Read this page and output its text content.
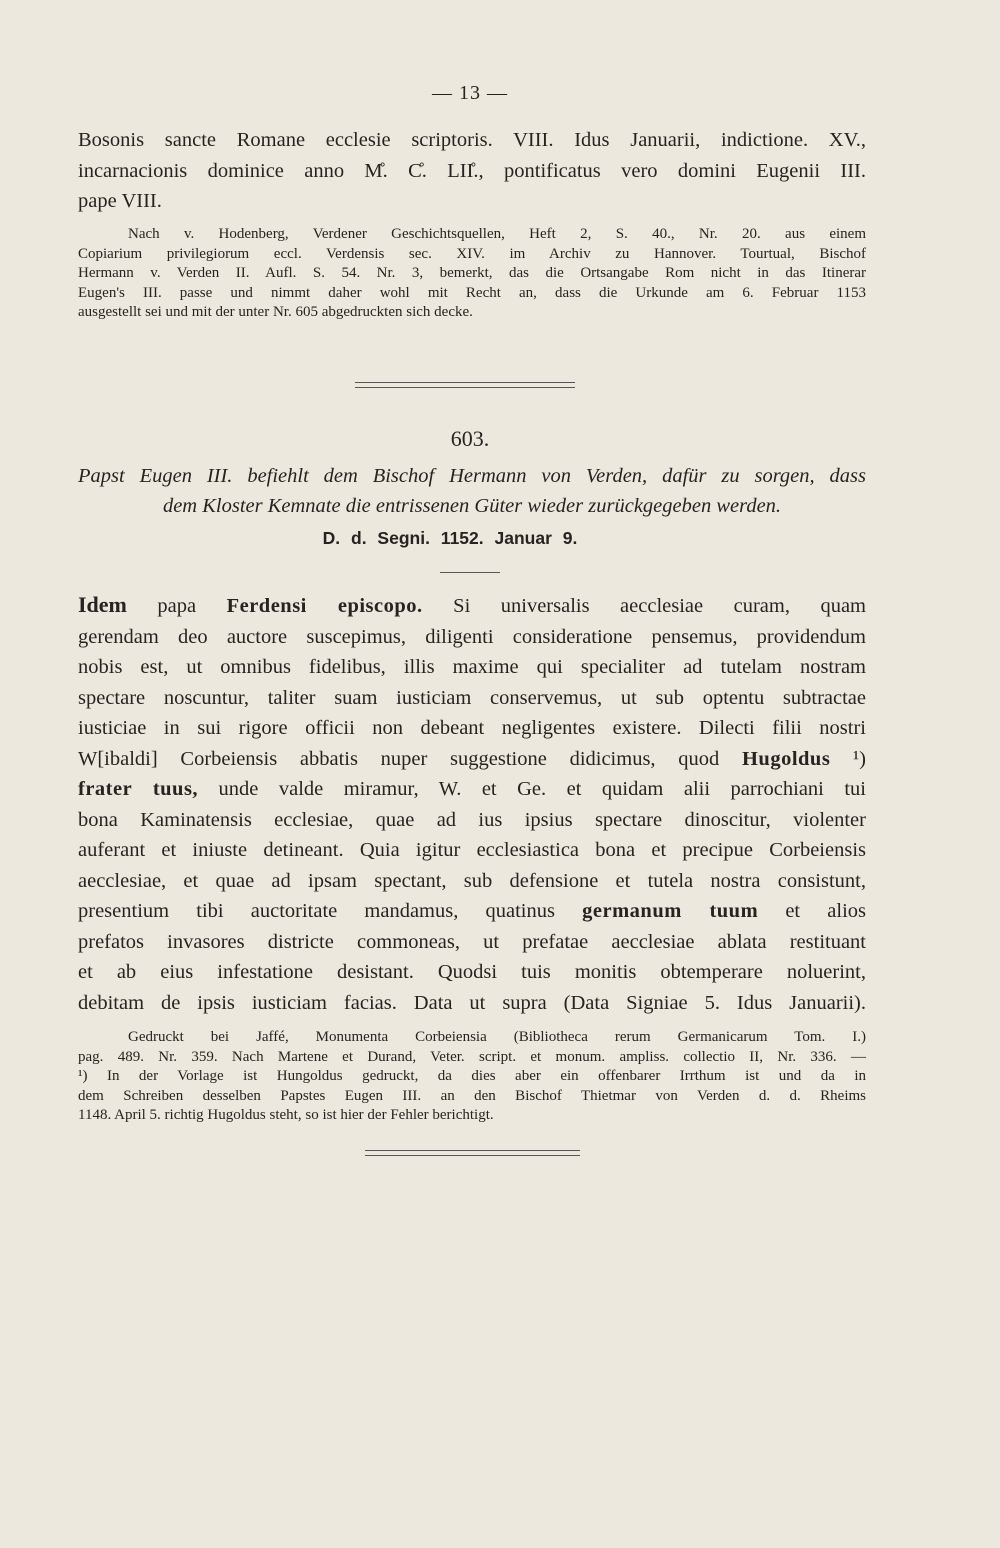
— 13 —
Bosonis sancte Romane ecclesie scriptoris. VIII. Idus Januarii, indictione. XV.,
incarnacionis dominice anno M̊. C̊. LII̊., pontificatus vero domini Eugenii III.
pape VIII.
Nach v. Hodenberg, Verdener Geschichtsquellen, Heft 2, S. 40., Nr. 20. aus einem
Copiarium privilegiorum eccl. Verdensis sec. XIV. im Archiv zu Hannover. Tourtual, Bischof
Hermann v. Verden II. Aufl. S. 54. Nr. 3, bemerkt, das die Ortsangabe Rom nicht in das Itinerar
Eugen's III. passe und nimmt daher wohl mit Recht an, dass die Urkunde am 6. Februar 1153
ausgestellt sei und mit der unter Nr. 605 abgedruckten sich decke.
603.
Papst Eugen III. befiehlt dem Bischof Hermann von Verden, dafür zu sorgen, dass
dem Kloster Kemnate die entrissenen Güter wieder zurückgegeben werden.
D. d. Segni. 1152. Januar 9.
Idem papa Ferdensi episcopo. Si universalis aecclesiae curam, quam
gerendam deo auctore suscepimus, diligenti consideratione pensemus, providendum
nobis est, ut omnibus fidelibus, illis maxime qui specialiter ad tutelam nostram
spectare noscuntur, taliter suam iusticiam conservemus, ut sub optentu subtractae
iusticiae in sui rigore officii non debeant negligentes existere. Dilecti filii nostri
W[ibaldi] Corbeiensis abbatis nuper suggestione didicimus, quod Hugoldus ¹)
frater tuus, unde valde miramur, W. et Ge. et quidam alii parrochiani tui
bona Kaminatensis ecclesiae, quae ad ius ipsius spectare dinoscitur, violenter
auferant et iniuste detineant. Quia igitur ecclesiastica bona et precipue Corbeiensis
aecclesiae, et quae ad ipsam spectant, sub defensione et tutela nostra consistunt,
presentium tibi auctoritate mandamus, quatinus germanum tuum et alios
prefatos invasores districte commoneas, ut prefatae aecclesiae ablata restituant
et ab eius infestatione desistant. Quodsi tuis monitis obtemperare noluerint,
debitam de ipsis iusticiam facias. Data ut supra (Data Signiae 5. Idus Januarii).
Gedruckt bei Jaffé, Monumenta Corbeiensia (Bibliotheca rerum Germanicarum Tom. I.)
pag. 489. Nr. 359. Nach Martene et Durand, Veter. script. et monum. ampliss. collectio II, Nr. 336. —
¹) In der Vorlage ist Hungoldus gedruckt, da dies aber ein offenbarer Irrthum ist und da in
dem Schreiben desselben Papstes Eugen III. an den Bischof Thietmar von Verden d. d. Rheims
1148. April 5. richtig Hugoldus steht, so ist hier der Fehler berichtigt.
